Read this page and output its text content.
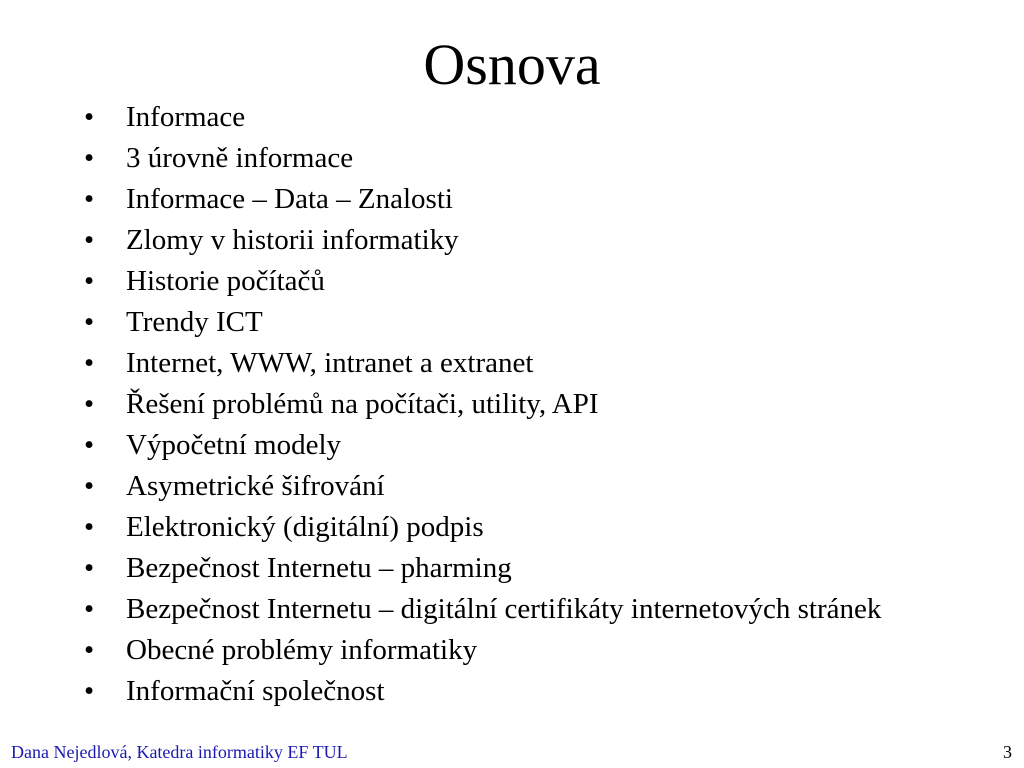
Osnova
•	Informace
•	3 úrovně informace
•	Informace – Data – Znalosti
•	Zlomy v historii informatiky
•	Historie počítačů
•	Trendy ICT
•	Internet, WWW, intranet a extranet
•	Řešení problémů na počítači, utility, API
•	Výpočetní modely
•	Asymetrické šifrování
•	Elektronický (digitální) podpis
•	Bezpečnost Internetu – pharming
•	Bezpečnost Internetu – digitální certifikáty internetových stránek
•	Obecné problémy informatiky
•	Informační společnost
Dana Nejedlová, Katedra informatiky EF TUL	3
